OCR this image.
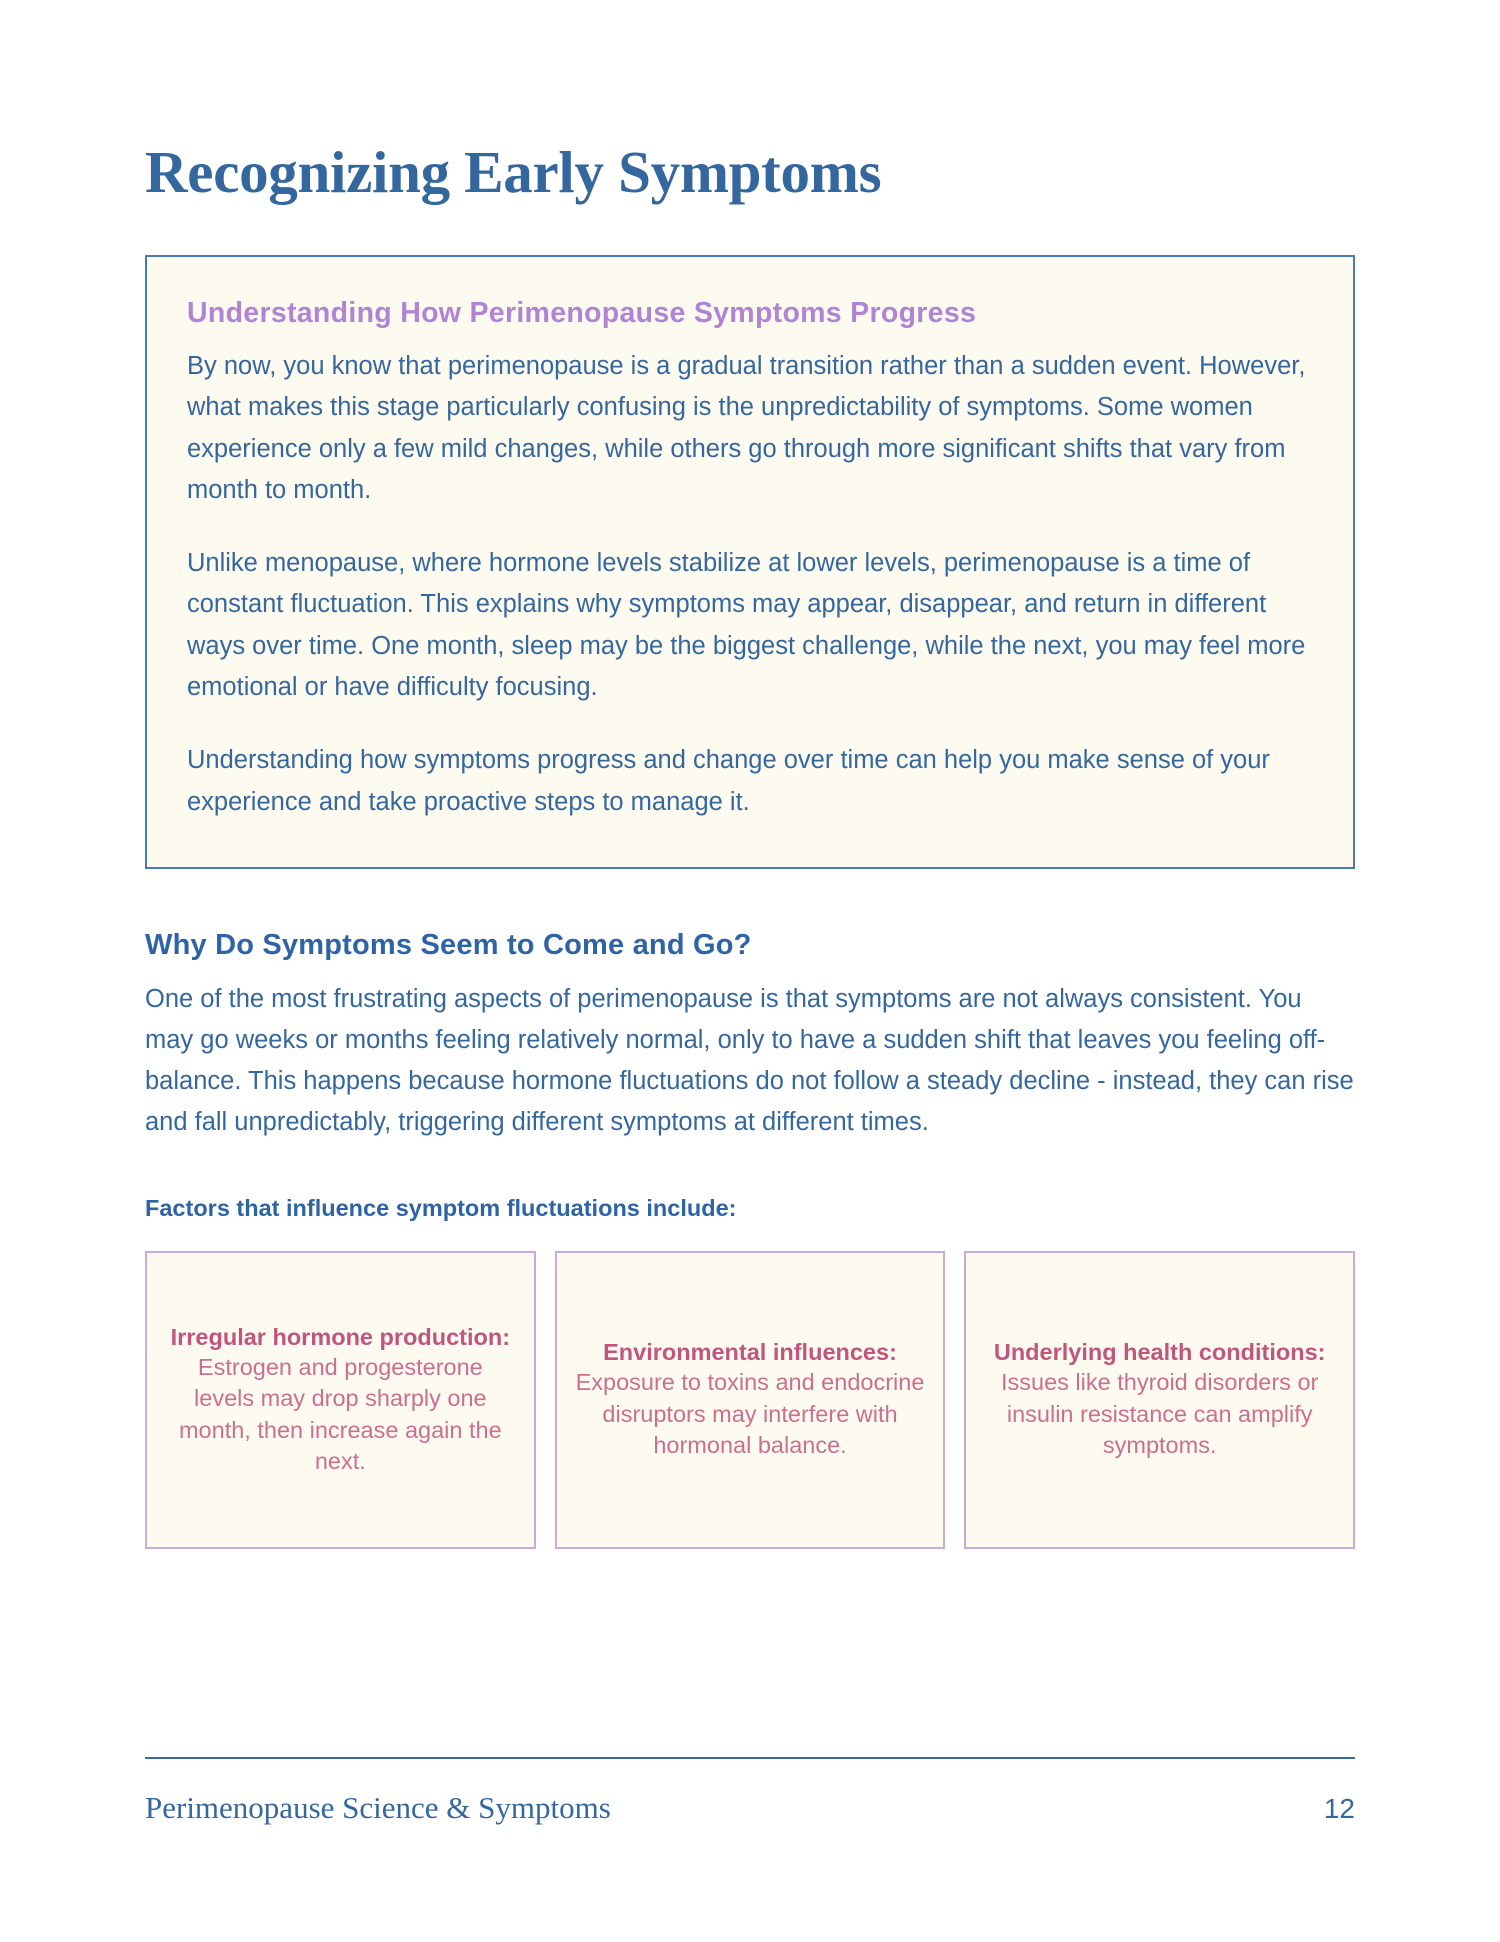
Recognizing Early Symptoms
Understanding How Perimenopause Symptoms Progress

By now, you know that perimenopause is a gradual transition rather than a sudden event. However, what makes this stage particularly confusing is the unpredictability of symptoms. Some women experience only a few mild changes, while others go through more significant shifts that vary from month to month.

Unlike menopause, where hormone levels stabilize at lower levels, perimenopause is a time of constant fluctuation. This explains why symptoms may appear, disappear, and return in different ways over time. One month, sleep may be the biggest challenge, while the next, you may feel more emotional or have difficulty focusing.

Understanding how symptoms progress and change over time can help you make sense of your experience and take proactive steps to manage it.

Why Do Symptoms Seem to Come and Go?

One of the most frustrating aspects of perimenopause is that symptoms are not always consistent. You may go weeks or months feeling relatively normal, only to have a sudden shift that leaves you feeling off-balance. This happens because hormone fluctuations do not follow a steady decline - instead, they can rise and fall unpredictably, triggering different symptoms at different times.

Factors that influence symptom fluctuations include:

Irregular hormone production:
Estrogen and progesterone levels may drop sharply one month, then increase again the next.
Environmental influences:
Exposure to toxins and endocrine disruptors may interfere with hormonal balance.
Underlying health conditions:
Issues like thyroid disorders or insulin resistance can amplify symptoms.
Perimenopause Science & Symptoms	12
